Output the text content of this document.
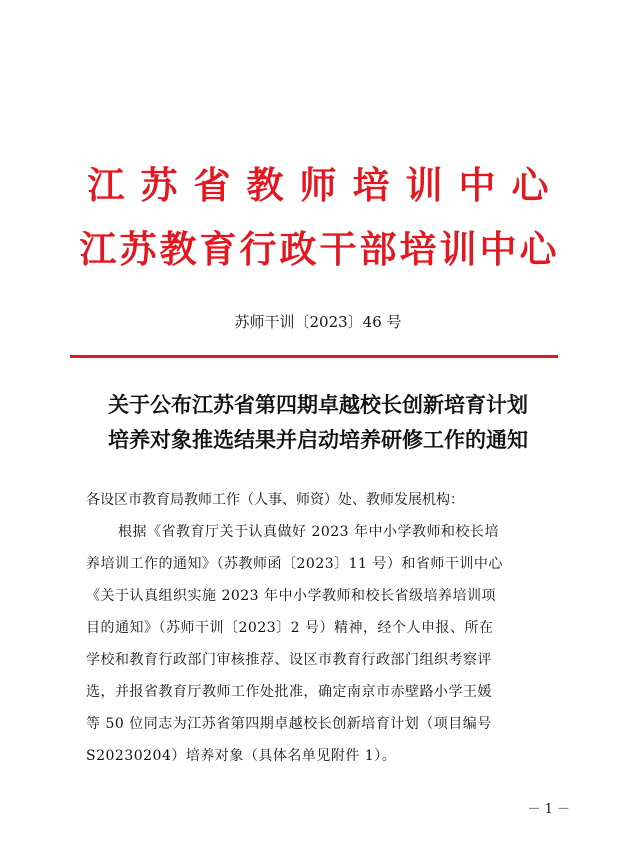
江苏省教师培训中心
江苏教育行政干部培训中心
苏师干训〔2023〕46 号
关于公布江苏省第四期卓越校长创新培育计划
培养对象推选结果并启动培养研修工作的通知
各设区市教育局教师工作（人事、师资）处、教师发展机构：
根据《省教育厅关于认真做好 2023 年中小学教师和校长培
养培训工作的通知》（苏教师函〔2023〕11 号）和省师干训中心
《关于认真组织实施 2023 年中小学教师和校长省级培养培训项
目的通知》（苏师干训〔2023〕2 号）精神，经个人申报、所在
学校和教育行政部门审核推荐、设区市教育行政部门组织考察评
选，并报省教育厅教师工作处批准，确定南京市赤壁路小学王媛
等 50 位同志为江苏省第四期卓越校长创新培育计划（项目编号
S20230204）培养对象（具体名单见附件 1）。
－ 1 －
